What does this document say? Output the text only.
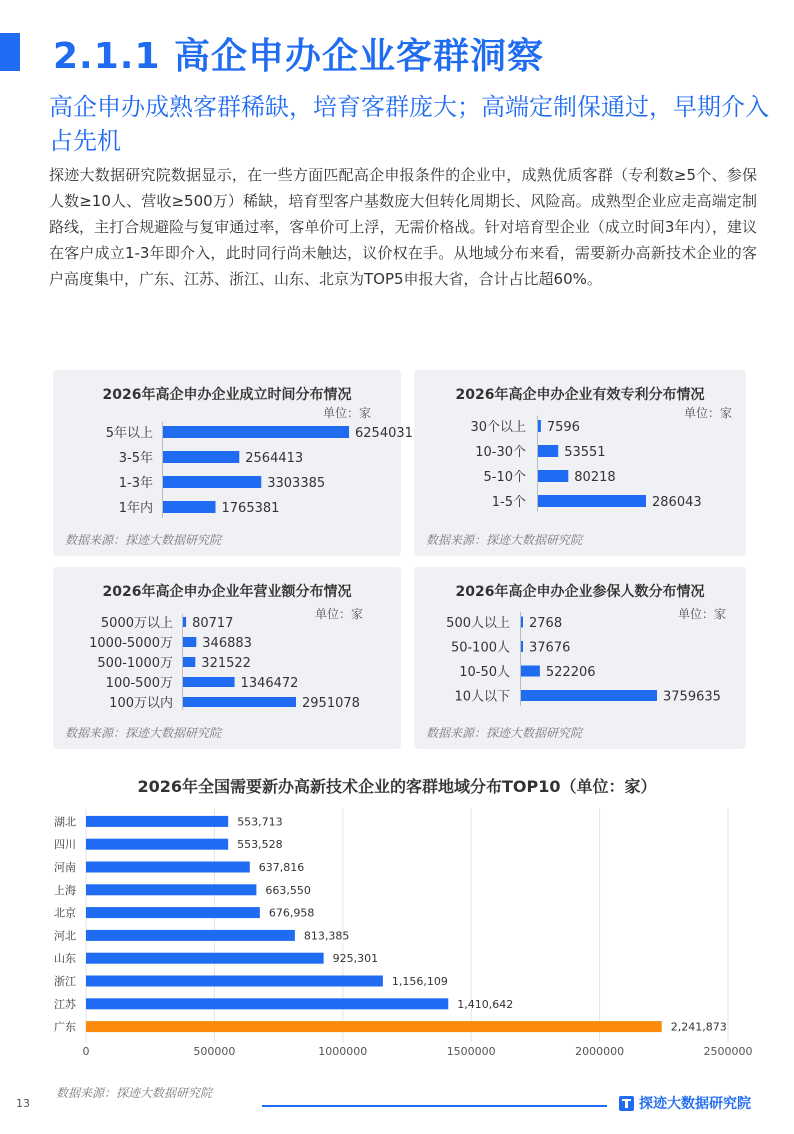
2.1.1 高企申办企业客群洞察
高企申办成熟客群稀缺，培育客群庞大；高端定制保通过，早期介入占先机
探迹大数据研究院数据显示，在一些方面匹配高企申报条件的企业中，成熟优质客群（专利数≥5个、参保人数≥10人、营收≥500万）稀缺，培育型客户基数庞大但转化周期长、风险高。成熟型企业应走高端定制路线，主打合规避险与复审通过率，客单价可上浮，无需价格战。针对培育型企业（成立时间3年内），建议在客户成立1-3年即介入，此时同行尚未触达，议价权在手。从地域分布来看，需要新办高新技术企业的客户高度集中，广东、江苏、浙江、山东、北京为TOP5申报大省，合计占比超60%。
2026年高企申办企业成立时间分布情况
单位：家
5年以上	6254031
3-5年	2564413
1-3年	3303385
1年内	1765381
数据来源：探迹大数据研究院
2026年高企申办企业有效专利分布情况
单位：家
30个以上 7596
10-30个	53551
5-10个	80218
1-5个	286043
数据来源：探迹大数据研究院
2026年高企申办企业年营业额分布情况
单位：家
5000万以上 80717
1000-5000万 346883
500-1000万 321522
100-500万	1346472
100万以内	2951078
数据来源：探迹大数据研究院
2026年高企申办企业参保人数分布情况
单位：家
500人以上 2768
50-100人 37676
10-50人	522206
10人以下	3759635
数据来源：探迹大数据研究院
2026年全国需要新办高新技术企业的客群地域分布TOP10（单位：家）
0	500000	1000000	1500000	2000000	2500000
湖北	553,713
四川	553,528
河南	637,816
上海	663,550
北京	676,958
河北	813,385
山东	925,301
浙江	1,156,109
江苏	1,410,642
广东	2,241,873
数据来源：探迹大数据研究院
13	探迹大数据研究院
